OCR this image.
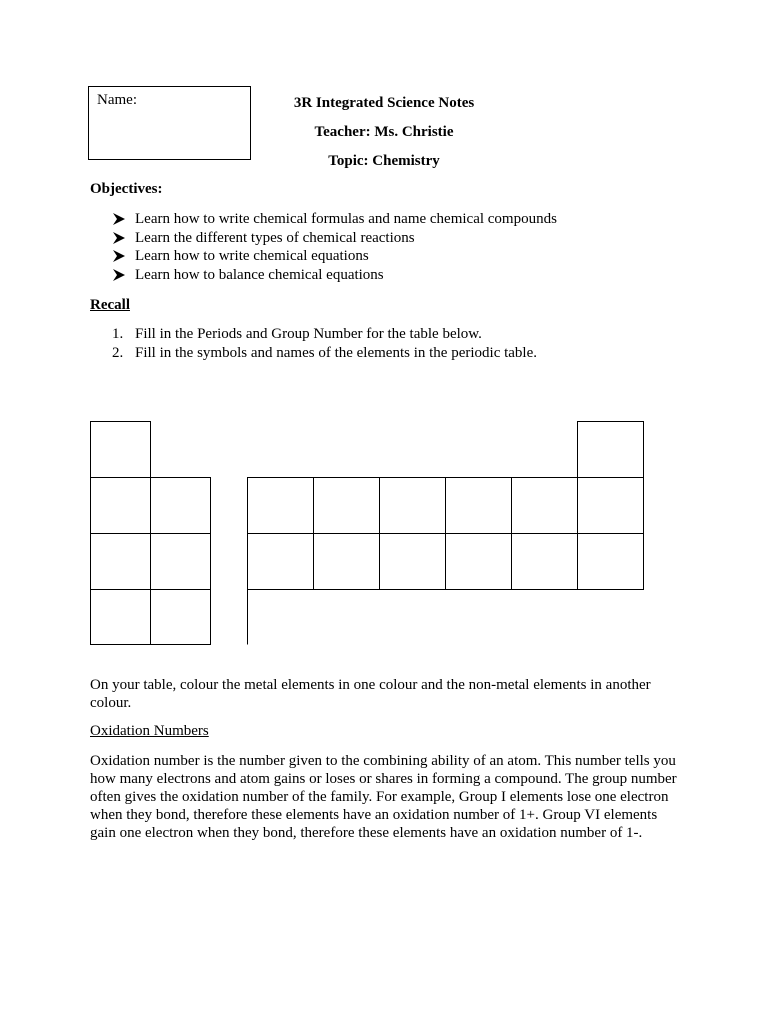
Name:	3R Integrated Science Notes
Teacher: Ms. Christie
Topic: Chemistry
Objectives:
Learn how to write chemical formulas and name chemical compounds
Learn the different types of chemical reactions
Learn how to write chemical equations
Learn how to balance chemical equations
Recall
1. Fill in the Periods and Group Number for the table below.
2. Fill in the symbols and names of the elements in the periodic table.
On your table, colour the metal elements in one colour and the non-metal elements in another colour.
Oxidation Numbers
Oxidation number is the number given to the combining ability of an atom. This number tells you how many electrons and atom gains or loses or shares in forming a compound. The group number often gives the oxidation number of the family. For example, Group I elements lose one electron when they bond, therefore these elements have an oxidation number of 1+. Group VI elements gain one electron when they bond, therefore these elements have an oxidation number of 1-.
